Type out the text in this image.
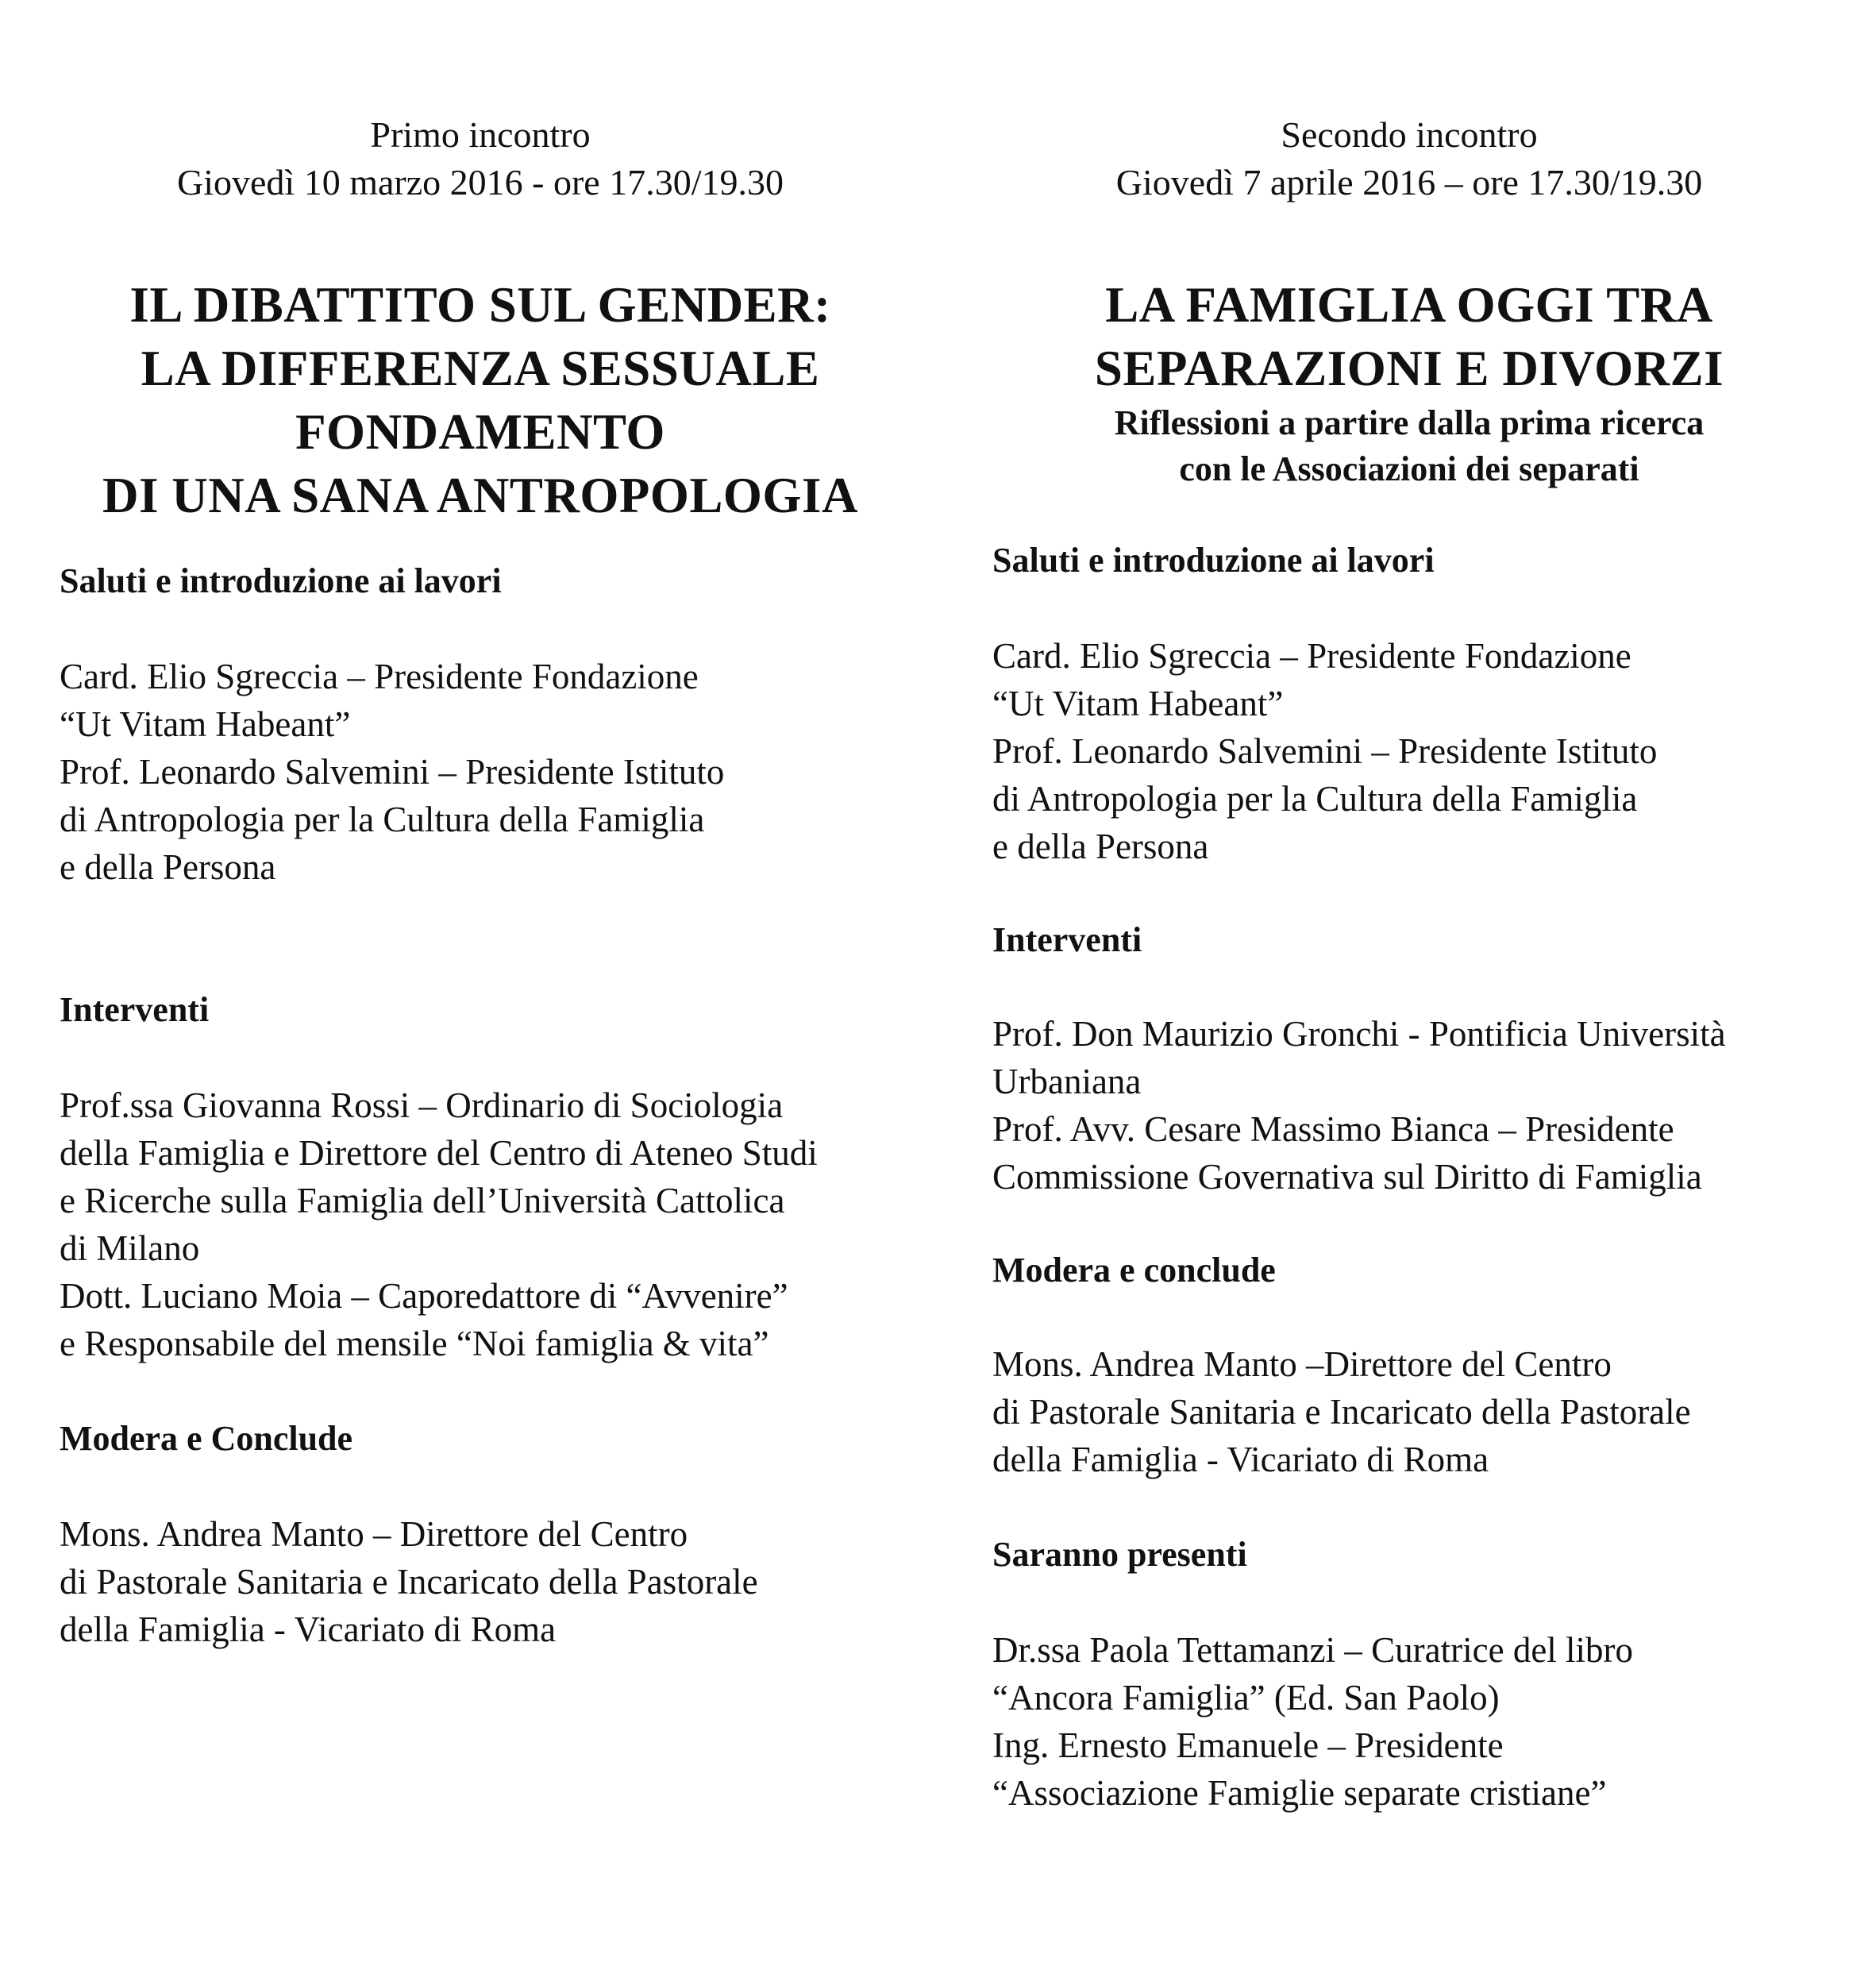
Primo incontro
Giovedì 10 marzo 2016 - ore 17.30/19.30
IL DIBATTITO SUL GENDER:
LA DIFFERENZA SESSUALE
FONDAMENTO
DI UNA SANA ANTROPOLOGIA
Saluti e introduzione ai lavori
Card. Elio Sgreccia – Presidente Fondazione
“Ut Vitam Habeant”
Prof. Leonardo Salvemini – Presidente Istituto
di Antropologia per la Cultura della Famiglia
e della Persona
Interventi
Prof.ssa Giovanna Rossi – Ordinario di Sociologia
della Famiglia e Direttore del Centro di Ateneo Studi
e Ricerche sulla Famiglia dell’Università Cattolica
di Milano
Dott. Luciano Moia – Caporedattore di “Avvenire”
e Responsabile del mensile “Noi famiglia & vita”
Modera e Conclude
Mons. Andrea Manto – Direttore del Centro
di Pastorale Sanitaria e Incaricato della Pastorale
della Famiglia - Vicariato di Roma
Secondo incontro
Giovedì 7 aprile 2016 – ore 17.30/19.30
LA FAMIGLIA OGGI TRA
SEPARAZIONI E DIVORZI
Riflessioni a partire dalla prima ricerca
con le Associazioni dei separati
Saluti e introduzione ai lavori
Card. Elio Sgreccia – Presidente Fondazione
“Ut Vitam Habeant”
Prof. Leonardo Salvemini – Presidente Istituto
di Antropologia per la Cultura della Famiglia
e della Persona
Interventi
Prof. Don Maurizio Gronchi - Pontificia Università
Urbaniana
Prof. Avv. Cesare Massimo Bianca – Presidente
Commissione Governativa sul Diritto di Famiglia
Modera e conclude
Mons. Andrea Manto –Direttore del Centro
di Pastorale Sanitaria e Incaricato della Pastorale
della Famiglia - Vicariato di Roma
Saranno presenti
Dr.ssa Paola Tettamanzi – Curatrice del libro
“Ancora Famiglia” (Ed. San Paolo)
Ing. Ernesto Emanuele – Presidente
“Associazione Famiglie separate cristiane”
